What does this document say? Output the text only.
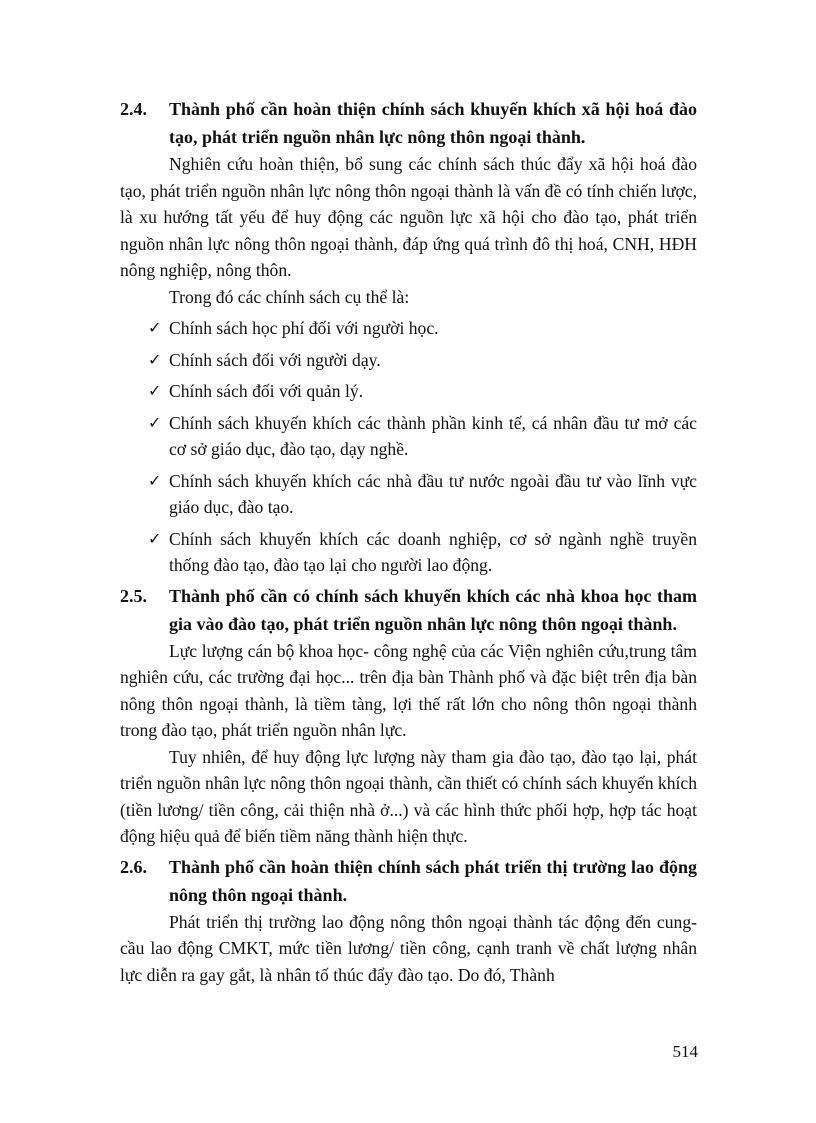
2.4. Thành phố cần hoàn thiện chính sách khuyến khích xã hội hoá đào tạo, phát triển nguồn nhân lực nông thôn ngoại thành.

Nghiên cứu hoàn thiện, bổ sung các chính sách thúc đẩy xã hội hoá đào tạo, phát triển nguồn nhân lực nông thôn ngoại thành là vấn đề có tính chiến lược, là xu hướng tất yếu để huy động các nguồn lực xã hội cho đào tạo, phát triển nguồn nhân lực nông thôn ngoại thành, đáp ứng quá trình đô thị hoá, CNH, HĐH nông nghiệp, nông thôn.

Trong đó các chính sách cụ thể là:

✓ Chính sách học phí đối với người học.
✓ Chính sách đối với người dạy.
✓ Chính sách đối với quản lý.
✓ Chính sách khuyến khích các thành phần kinh tế, cá nhân đầu tư mở các cơ sở giáo dục, đào tạo, dạy nghề.
✓ Chính sách khuyến khích các nhà đầu tư nước ngoài đầu tư vào lĩnh vực giáo dục, đào tạo.
✓ Chính sách khuyến khích các doanh nghiệp, cơ sở ngành nghề truyền thống đào tạo, đào tạo lại cho người lao động.
2.5. Thành phố cần có chính sách khuyến khích các nhà khoa học tham gia vào đào tạo, phát triển nguồn nhân lực nông thôn ngoại thành.

Lực lượng cán bộ khoa học- công nghệ của các Viện nghiên cứu,trung tâm nghiên cứu, các trường đại học... trên địa bàn Thành phố và đặc biệt trên địa bàn nông thôn ngoại thành, là tiềm tàng, lợi thế rất lớn cho nông thôn ngoại thành trong đào tạo, phát triển nguồn nhân lực.

Tuy nhiên, để huy động lực lượng này tham gia đào tạo, đào tạo lại, phát triển nguồn nhân lực nông thôn ngoại thành, cần thiết có chính sách khuyến khích (tiền lương/ tiền công, cải thiện nhà ở...) và các hình thức phối hợp, hợp tác hoạt động hiệu quả để biến tiềm năng thành hiện thực.

2.6. Thành phố cần hoàn thiện chính sách phát triển thị trường lao động nông thôn ngoại thành.

Phát triển thị trường lao động nông thôn ngoại thành tác động đến cung- cầu lao động CMKT, mức tiền lương/ tiền công, cạnh tranh về chất lượng nhân lực diễn ra gay gắt, là nhân tố thúc đẩy đào tạo. Do đó, Thành

514
